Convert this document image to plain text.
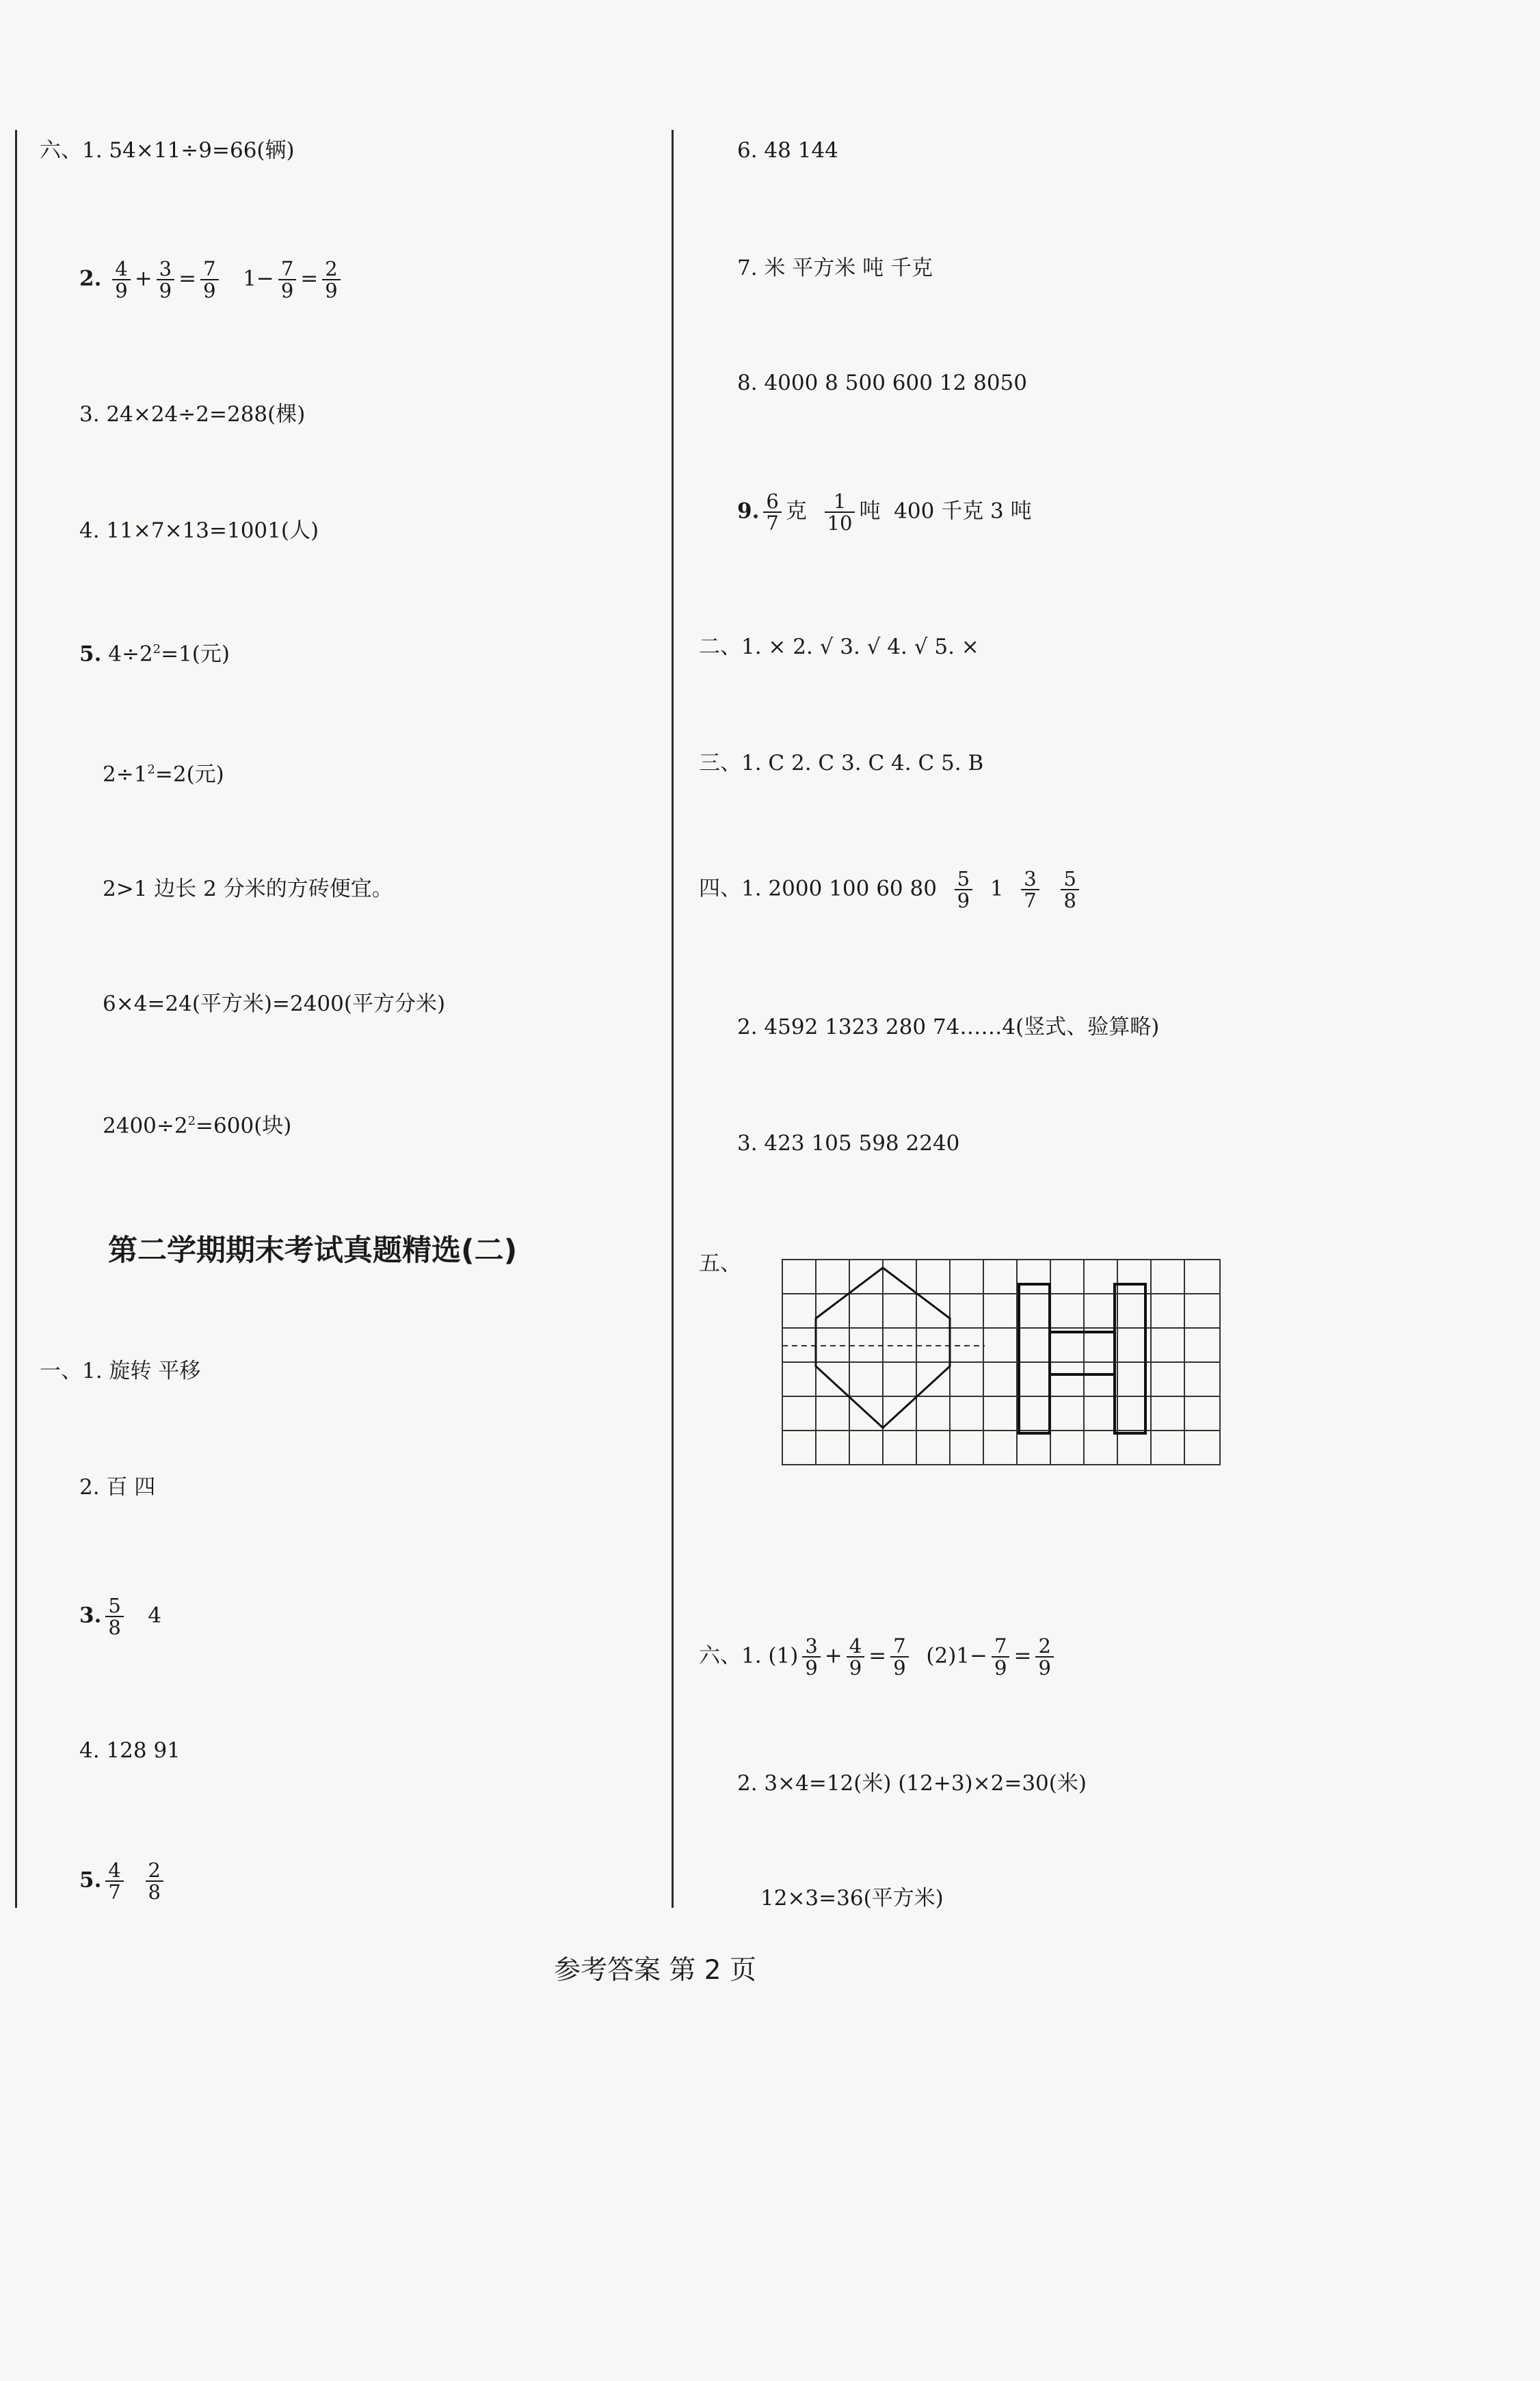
六、1. 54×11÷9=66(辆)
2. $\frac{4}{9} + \frac{3}{9} = \frac{7}{9} 1- \frac{7}{9} = \frac{2}{9}$
3. 24×24÷2=288(棵)
4. 11×7×13=1001(人)
5. $4\div 2^2=1$(元)
$2\div 1^2=2$(元)
2>1 边长 2 分米的方砖便宜。
6×4=24(平方米)=2400(平方分米)
$2400\div 2^2=600$(块)
第二学期期末考试真题精选(二)
一、1. 旋转 平移
2. 百 四
3. $\frac{5}{8} 4$
4. 128 91
5. $\frac{4}{7}$
$\frac{2}{8}$
6. 48 144
7. 米 平方米 吨 千克
8. 4000 8 500 600 12 8050
9. $\frac{6}{7}$ 克 $\frac{1}{10}$ 吨 400 千克 3 吨
二、1. × 2. √ 3. √ 4. √ 5. ×
三、1. C 2. C 3. C 4. C 5. B
四、1. 2000 100 60 $80 \frac{5}{9} 1 \frac{3}{7}$
$\frac{5}{8}$
2. 4592 1323 280 74……4(竖式、验算略)
3. 423 105 598 2240
五、
六、1. $(1) \frac{3}{9} + \frac{4}{9} = \frac{7}{9} (2)1- \frac{7}{9} = \frac{2}{9}$
2. 3×4=12(米) (12+3)×2=30(米)
12×3=36(平方米)
参考答案 第 2 页
